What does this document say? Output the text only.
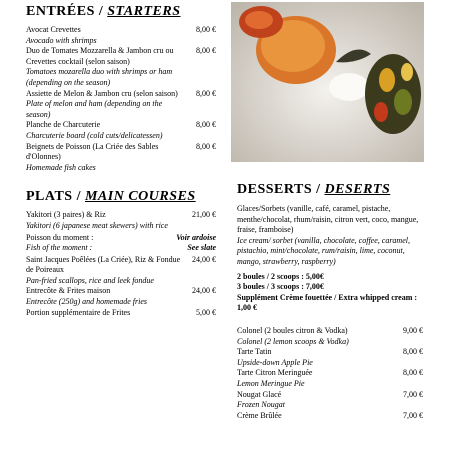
ENTRÉES / STARTERS
Avocat Crevettes
Avocado with shrimps
8,00 €
Duo de Tomates Mozzarella & Jambon cru ou Crevettes cocktail (selon saison)
Tomatoes mozarella duo with shrimps or ham (depending on the season)
8,00 €
Assiette de Melon & Jambon cru (selon saison)
Plate of melon and ham (depending on the season)
8,00 €
Planche de Charcuterie
Charcuterie board (cold cuts/delicatessen)
8,00 €
Beignets de Poisson (La Criée des Sables d'Olonnes)
Homemade fish cakes
8,00 €
PLATS / MAIN COURSES
Yakitori (3 paires) & Riz
Yakitori (6 japanese meat skewers) with rice
21,00 €
Poisson du moment :
Fish of the moment :
Voir ardoise
See slate
Saint Jacques Poêlées (La Criée), Riz & Fondue de Poireaux
Pan-fried scallops, rice and leek fondue
24,00 €
Entrecôte & Frites maison
Entrecôte (250g) and homemade fries
24,00 €
Portion supplémentaire de Frites	5,00 €
DESSERTS / DESERTS
Glaces/Sorbets (vanille, café, caramel, pistache, menthe/chocolat, rhum/raisin, citron vert, coco, mangue, fraise, framboise)
Ice cream/ sorbet (vanilla, chocolate, coffee, caramel, pistachio, mint/chocolate, rum/raisin, lime, coconut, mango, strawberry, raspberry)
2 boules / 2 scoops : 5,00€
3 boules / 3 scoops : 7,00€
Supplément Crème fouettée / Extra whipped cream : 1,00 €
Colonel (2 boules citron & Vodka)
Colonel (2 lemon scoops & Vodka)
9,00 €
Tarte Tatin
Upside-down Apple Pie
8,00 €
Tarte Citron Meringuée
Lemon Meringue Pie
8,00 €
Nougat Glacé
Frozen Nougat
7,00 €
Crème Brûlée	7,00 €
